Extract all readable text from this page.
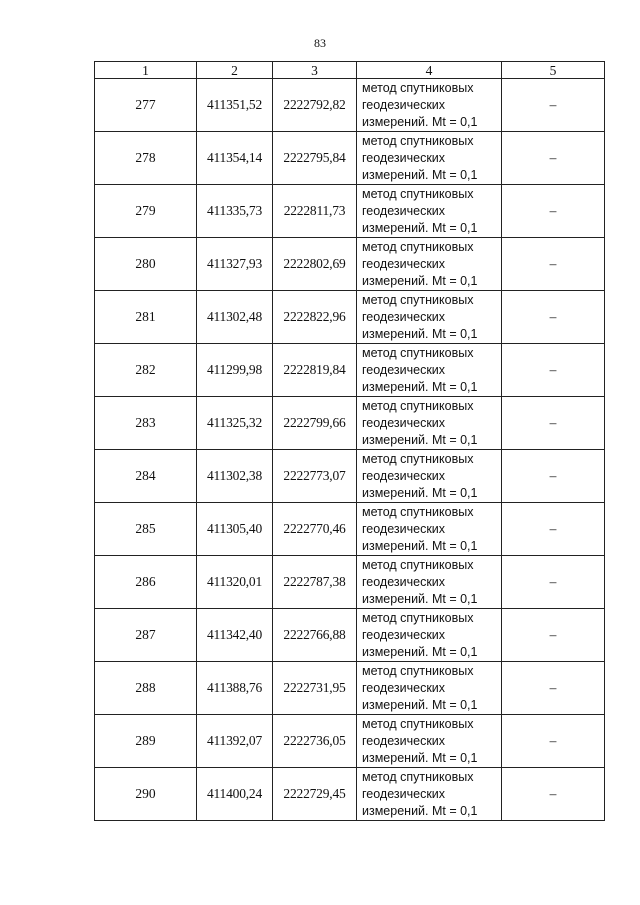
83
1	2	3	4	5
277	411351,52	2222792,82	метод спутниковых
геодезических
измерений. Mt = 0,1	–
278	411354,14	2222795,84	метод спутниковых
геодезических
измерений. Mt = 0,1	–
279	411335,73	2222811,73	метод спутниковых
геодезических
измерений. Mt = 0,1	–
280	411327,93	2222802,69	метод спутниковых
геодезических
измерений. Mt = 0,1	–
281	411302,48	2222822,96	метод спутниковых
геодезических
измерений. Mt = 0,1	–
282	411299,98	2222819,84	метод спутниковых
геодезических
измерений. Mt = 0,1	–
283	411325,32	2222799,66	метод спутниковых
геодезических
измерений. Mt = 0,1	–
284	411302,38	2222773,07	метод спутниковых
геодезических
измерений. Mt = 0,1	–
285	411305,40	2222770,46	метод спутниковых
геодезических
измерений. Mt = 0,1	–
286	411320,01	2222787,38	метод спутниковых
геодезических
измерений. Mt = 0,1	–
287	411342,40	2222766,88	метод спутниковых
геодезических
измерений. Mt = 0,1	–
288	411388,76	2222731,95	метод спутниковых
геодезических
измерений. Mt = 0,1	–
289	411392,07	2222736,05	метод спутниковых
геодезических
измерений. Mt = 0,1	–
290	411400,24	2222729,45	метод спутниковых
геодезических
измерений. Mt = 0,1	–
